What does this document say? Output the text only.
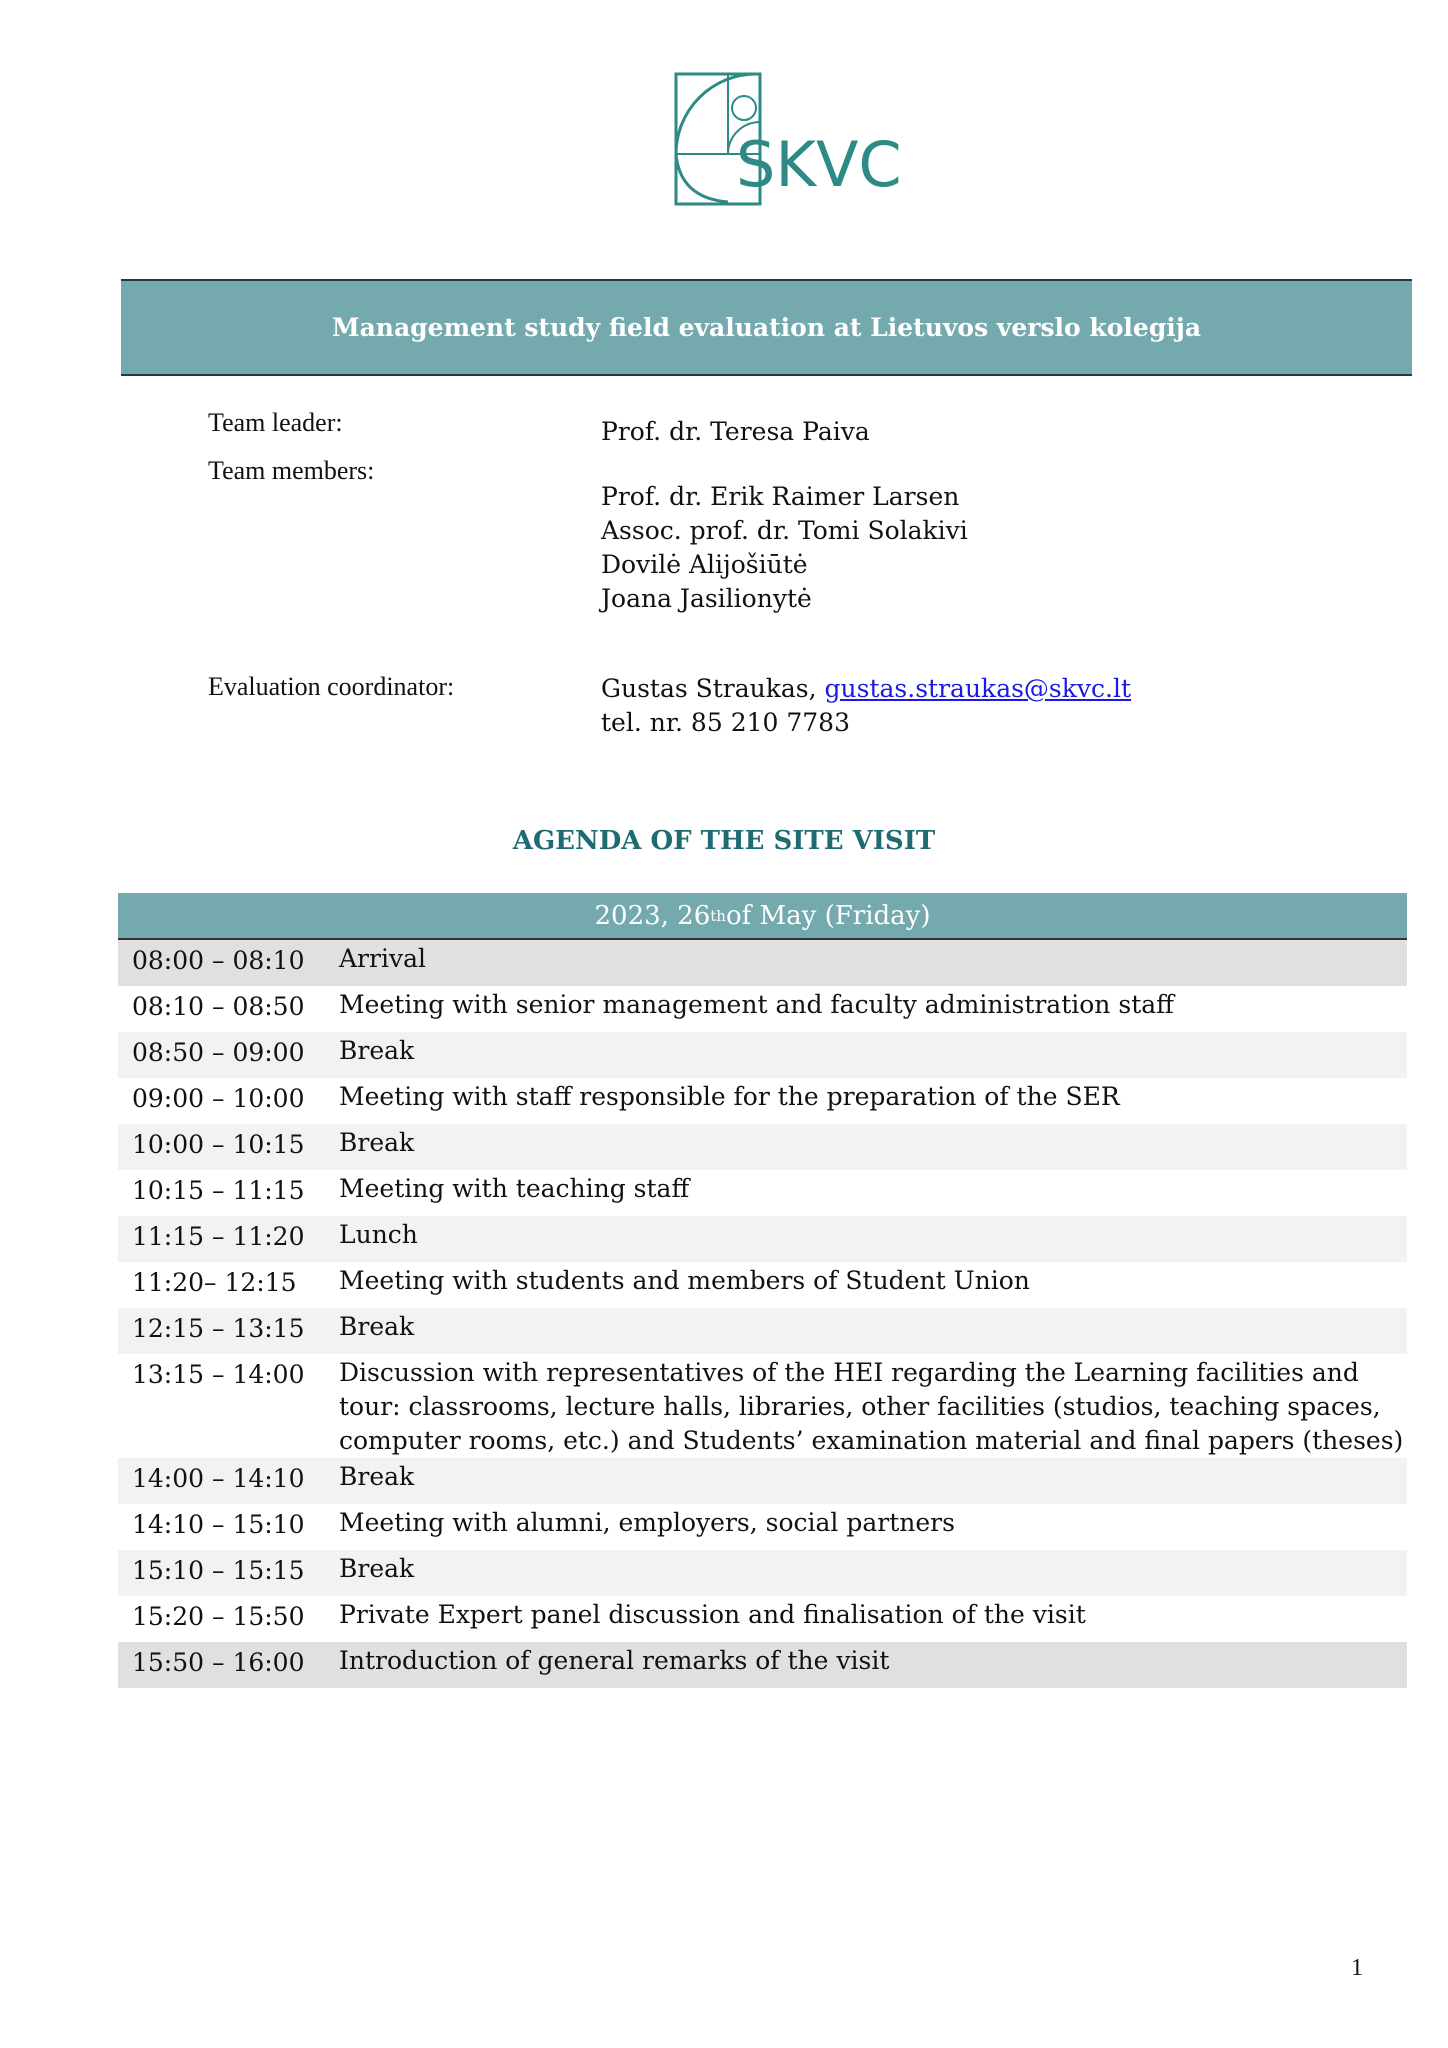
SKVC
Management study field evaluation at Lietuvos verslo kolegija
Team leader:	Prof. dr. Teresa Paiva
Team members:
Prof. dr. Erik Raimer Larsen
Assoc. prof. dr. Tomi Solakivi
Dovilė Alijošiūtė
Joana Jasilionytė
Evaluation coordinator:	Gustas Straukas, gustas.straukas@skvc.lt
tel. nr. 85 210 7783
AGENDA OF THE SITE VISIT
2023, 26 th of May (Friday)
08:00 – 08:10	Arrival
08:10 – 08:50	Meeting with senior management and faculty administration staff
08:50 – 09:00	Break
09:00 – 10:00	Meeting with staff responsible for the preparation of the SER
10:00 – 10:15	Break
10:15 – 11:15	Meeting with teaching staff
11:15 – 11:20	Lunch
11:20– 12:15	Meeting with students and members of Student Union
12:15 – 13:15	Break
13:15 – 14:00	Discussion with representatives of the HEI regarding the Learning facilities and tour: classrooms, lecture halls, libraries, other facilities (studios, teaching spaces, computer rooms, etc.) and Students’ examination material and final papers (theses)
14:00 – 14:10	Break
14:10 – 15:10	Meeting with alumni, employers, social partners
15:10 – 15:15	Break
15:20 – 15:50	Private Expert panel discussion and finalisation of the visit
15:50 – 16:00	Introduction of general remarks of the visit
1
